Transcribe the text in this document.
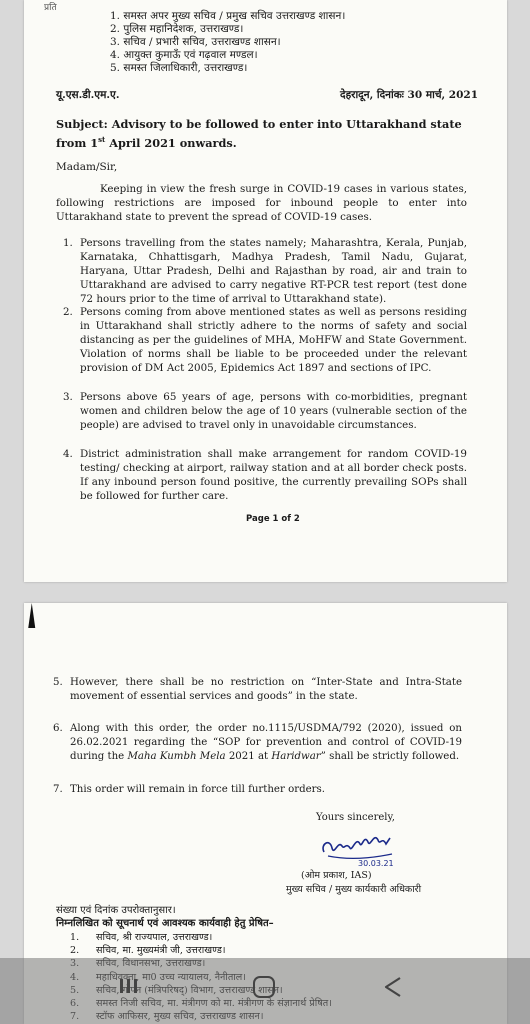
प्रति
1. समस्त अपर मुख्य सचिव / प्रमुख सचिव उत्तराखण्ड शासन।
2. पुलिस महानिदेशक, उत्तराखण्ड।
3. सचिव / प्रभारी सचिव, उत्तराखण्ड शासन।
4. आयुक्त कुमाऊँ एवं गढ़वाल मण्डल।
5. समस्त जिलाधिकारी, उत्तराखण्ड।
यू.एस.डी.एम.ए.	देहरादून, दिनांकः 30 मार्च, 2021
Subject: Advisory to be followed to enter into Uttarakhand state from 1st April 2021 onwards.
Madam/Sir,
Keeping in view the fresh surge in COVID-19 cases in various states, following restrictions are imposed for inbound people to enter into Uttarakhand state to prevent the spread of COVID-19 cases.
1. Persons travelling from the states namely; Maharashtra, Kerala, Punjab, Karnataka, Chhattisgarh, Madhya Pradesh, Tamil Nadu, Gujarat, Haryana, Uttar Pradesh, Delhi and Rajasthan by road, air and train to Uttarakhand are advised to carry negative RT-PCR test report (test done 72 hours prior to the time of arrival to Uttarakhand state).
2. Persons coming from above mentioned states as well as persons residing in Uttarakhand shall strictly adhere to the norms of safety and social distancing as per the guidelines of MHA, MoHFW and State Government. Violation of norms shall be liable to be proceeded under the relevant provision of DM Act 2005, Epidemics Act 1897 and sections of IPC.
3. Persons above 65 years of age, persons with co-morbidities, pregnant women and children below the age of 10 years (vulnerable section of the people) are advised to travel only in unavoidable circumstances.
4. District administration shall make arrangement for random COVID-19 testing/ checking at airport, railway station and at all border check posts. If any inbound person found positive, the currently prevailing SOPs shall be followed for further care.
Page 1 of 2
5. However, there shall be no restriction on “Inter-State and Intra-State movement of essential services and goods” in the state.
6. Along with this order, the order no.1115/USDMA/792 (2020), issued on 26.02.2021 regarding the “SOP for prevention and control of COVID-19 during the Maha Kumbh Mela 2021 at Haridwar” shall be strictly followed.
7. This order will remain in force till further orders.
Yours sincerely,
30.03.21
(ओम प्रकाश, IAS)
मुख्य सचिव / मुख्य कार्यकारी अधिकारी
संख्या एवं दिनांक उपरोक्तानुसार।
निम्नलिखित को सूचनार्थ एवं आवश्यक कार्यवाही हेतु प्रेषित–
1. सचिव, श्री राज्यपाल, उत्तराखण्ड।
2. सचिव, मा. मुख्यमंत्री जी, उत्तराखण्ड।
